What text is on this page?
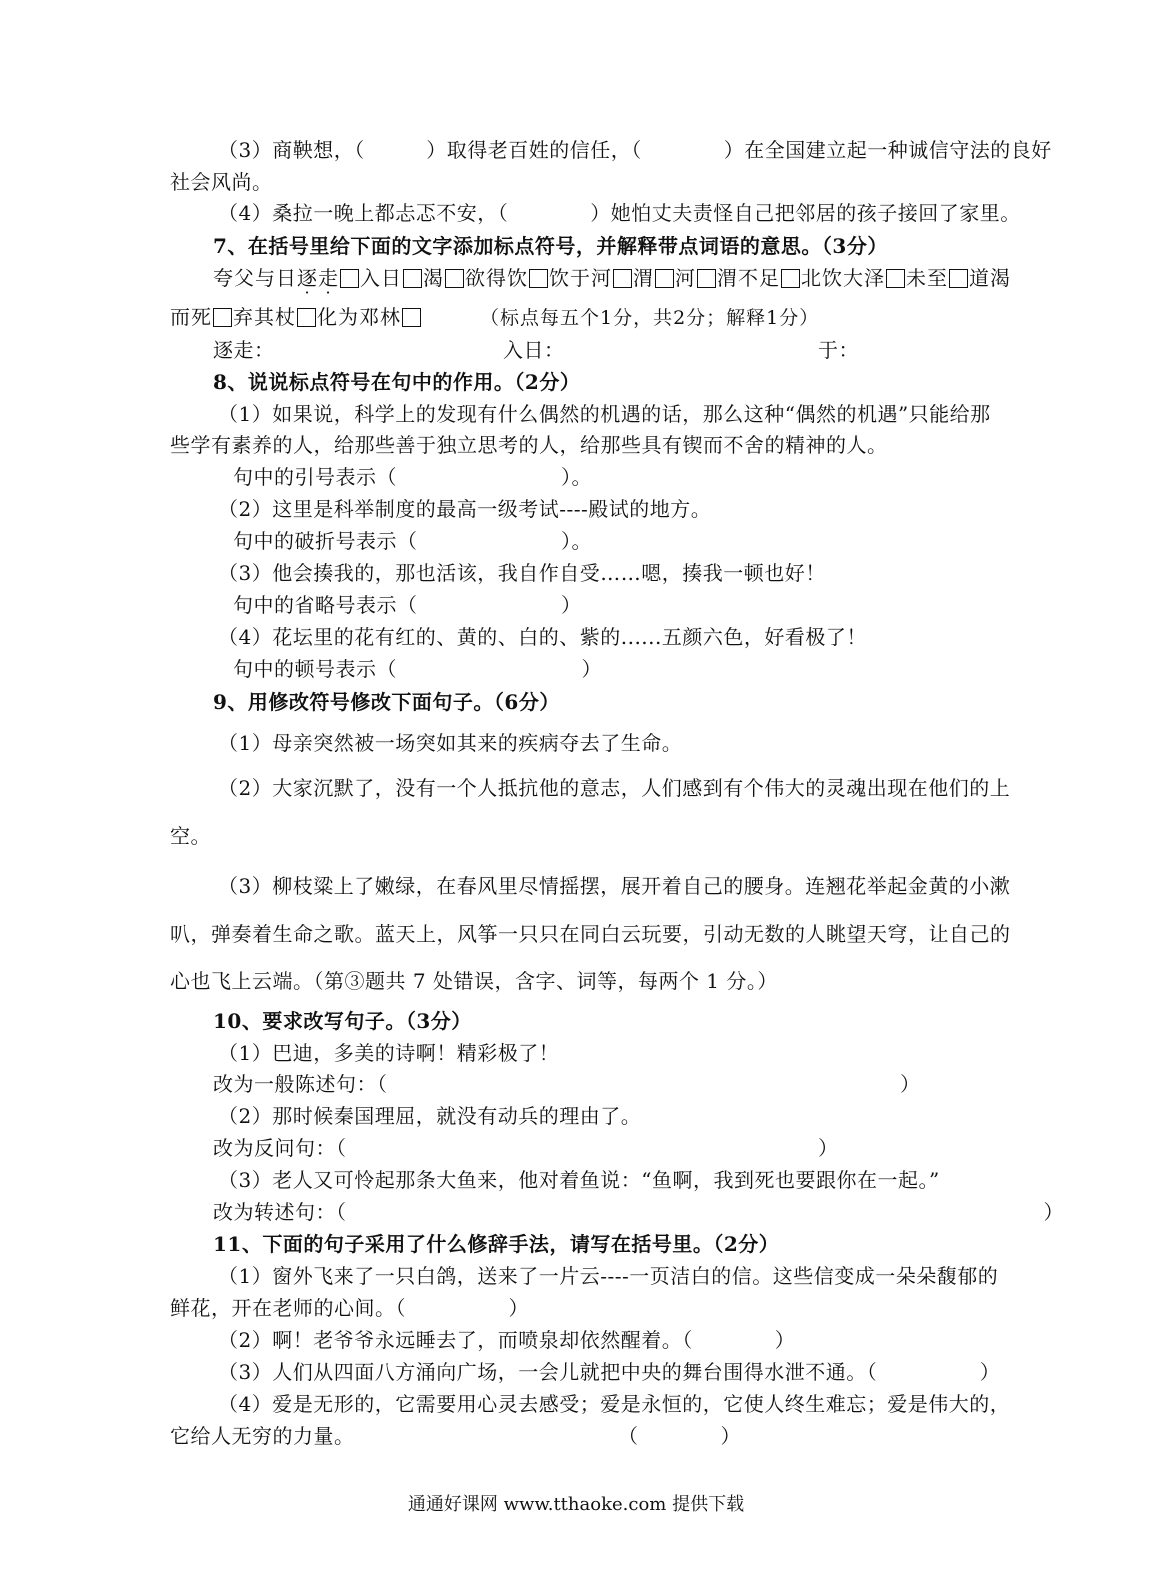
（3）商鞅想，（　　　）取得老百姓的信任，（　　　　）在全国建立起一种诚信守法的良好
社会风尚。
（4）桑拉一晚上都忐忑不安，（　　　　）她怕丈夫责怪自己把邻居的孩子接回了家里。
7、在括号里给下面的文字添加标点符号，并解释带点词语的意思。（3分）
夸父与日逐走 入日 渴 欲得饮 饮于河 渭 河 渭不足 北饮大泽 未至 道渴
而死 弃其杖 化为邓林	（标点每五个1分，共2分；解释1分）
逐走：	入日：	于：
8、说说标点符号在句中的作用。（2分）
（1）如果说，科学上的发现有什么偶然的机遇的话，那么这种“偶然的机遇”只能给那
些学有素养的人，给那些善于独立思考的人，给那些具有锲而不舍的精神的人。
句中的引号表示（　　　　　　　　）。
（2）这里是科举制度的最高一级考试----殿试的地方。
句中的破折号表示（　　　　　　　）。
（3）他会揍我的，那也活该，我自作自受……嗯，揍我一顿也好！
句中的省略号表示（　　　　　　　）
（4）花坛里的花有红的、黄的、白的、紫的......五颜六色，好看极了！
句中的顿号表示（　　　　　　　　　）
9、用修改符号修改下面句子。（6分）
（1）母亲突然被一场突如其来的疾病夺去了生命。
（2）大家沉默了，没有一个人抵抗他的意志，人们感到有个伟大的灵魂出现在他们的上
空。
（3）柳枝粱上了嫩绿，在春风里尽情摇摆，展开着自己的腰身。连翘花举起金黄的小漱
叭，弹奏着生命之歌。蓝天上，风筝一只只在同白云玩要，引动无数的人眺望天穹，让自己的
心也飞上云端。（第③题共 7 处错误，含字、词等，每两个 1 分。）
10、要求改写句子。（3分）
（1）巴迪，多美的诗啊！精彩极了！
改为一般陈述句：（　　　　　　　　　　　　　　　　　　　　　　　　　）
（2）那时候秦国理屈，就没有动兵的理由了。
改为反问句：（　　　　　　　　　　　　　　　　　　　　　　　）
（3）老人又可怜起那条大鱼来，他对着鱼说：“鱼啊，我到死也要跟你在一起。”
改为转述句：（　　　　　　　　　　　　　　　　　　　　　　　　　　　　　　　　　　）
11、下面的句子采用了什么修辞手法，请写在括号里。（2分）
（1）窗外飞来了一只白鸽，送来了一片云----一页洁白的信。这些信变成一朵朵馥郁的
鲜花，开在老师的心间。（　　　　　）
（2）啊！老爷爷永远睡去了，而喷泉却依然醒着。（　　　　）
（3）人们从四面八方涌向广场，一会儿就把中央的舞台围得水泄不通。（　　　　　）
（4）爱是无形的，它需要用心灵去感受；爱是永恒的，它使人终生难忘；爱是伟大的，
它给人无穷的力量。	（　　　　）
通通好课网 www.tthaoke.com 提供下载
